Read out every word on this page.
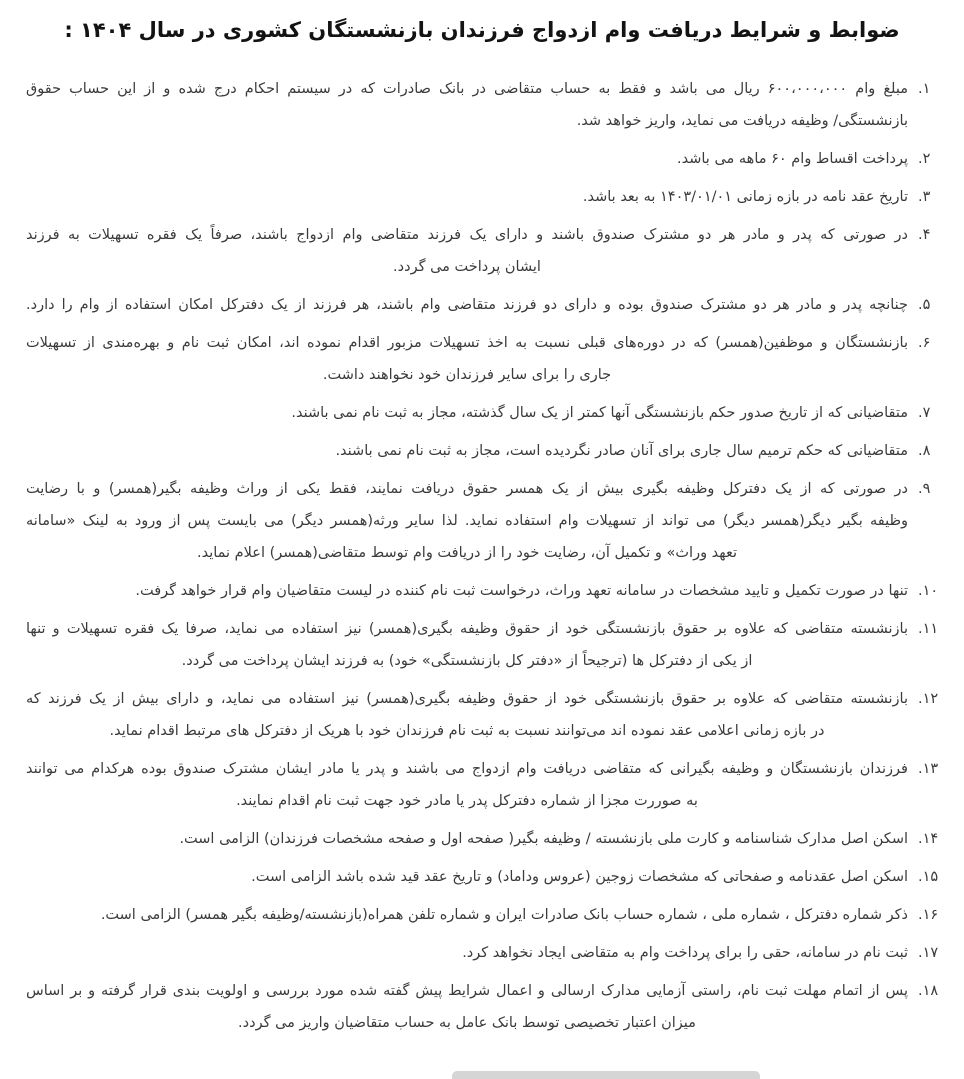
ضوابط و شرایط دریافت وام ازدواج فرزندان بازنشستگان کشوری در سال ۱۴۰۴ :
۱.
مبلغ وام ۶۰۰،۰۰۰،۰۰۰ ریال می باشد و فقط به حساب متقاضی در بانک صادرات که در سیستم احکام درج شده و از این حساب حقوق
بازنشستگی/ وظیفه دریافت می نماید، واریز خواهد شد.
۲.
پرداخت اقساط وام ۶۰ ماهه می باشد.
۳.
تاریخ عقد نامه در بازه زمانی ۱۴۰۳/۰۱/۰۱ به بعد باشد.
۴.
در صورتی که پدر و مادر هر دو مشترک صندوق باشند و دارای یک فرزند متقاضی وام ازدواج باشند، صرفاً یک فقره تسهیلات به فرزند
ایشان پرداخت می گردد.
۵.
چنانچه پدر و مادر هر دو مشترک صندوق بوده و دارای دو فرزند متقاضی وام باشند، هر فرزند از یک دفترکل امکان استفاده از وام را دارد.
۶.
بازنشستگان و موظفین(همسر) که در دوره‌های قبلی نسبت به اخذ تسهیلات مزبور اقدام نموده اند، امکان ثبت نام و بهره‌مندی از تسهیلات
جاری را برای سایر فرزندان خود نخواهند داشت.
۷.
متقاضیانی که از تاریخ صدور حکم بازنشستگی آنها کمتر از یک سال گذشته، مجاز به ثبت نام نمی باشند.
۸.
متقاضیانی که حکم ترمیم سال جاری برای آنان صادر نگردیده است، مجاز به ثبت نام نمی باشند.
۹.
در صورتی که از یک دفترکل وظیفه بگیری بیش از یک همسر حقوق دریافت نمایند، فقط یکی از وراث وظیفه بگیر(همسر) و با رضایت
وظیفه بگیر دیگر(همسر دیگر) می تواند از تسهیلات وام استفاده نماید. لذا سایر ورثه(همسر دیگر) می بایست پس از ورود به لینک «سامانه
تعهد وراث» و تکمیل آن، رضایت خود را از دریافت وام توسط متقاضی(همسر) اعلام نماید.
۱۰.
تنها در صورت تکمیل و تایید مشخصات در سامانه تعهد وراث، درخواست ثبت نام کننده در لیست متقاضیان وام قرار خواهد گرفت.
۱۱.
بازنشسته متقاضی که علاوه بر حقوق بازنشستگی خود از حقوق وظیفه بگیری(همسر) نیز استفاده می نماید، صرفا یک فقره تسهیلات و تنها
از یکی از دفترکل ها (ترجیحاً از «دفتر کل بازنشستگی» خود) به فرزند ایشان پرداخت می گردد.
۱۲.
بازنشسته متقاضی که علاوه بر حقوق بازنشستگی خود از حقوق وظیفه بگیری(همسر) نیز استفاده می نماید، و دارای بیش از یک فرزند که
در بازه زمانی اعلامی عقد نموده اند می‌توانند نسبت به ثبت نام فرزندان خود با هریک از دفترکل های مرتبط اقدام نماید.
۱۳.
فرزندان بازنشستگان و وظیفه بگیرانی که متقاضی دریافت وام ازدواج می باشند و پدر یا مادر ایشان مشترک صندوق بوده هرکدام می توانند
به صوررت مجزا از شماره دفترکل پدر یا مادر خود جهت ثبت نام اقدام نمایند.
۱۴.
اسکن اصل مدارک شناسنامه و کارت ملی بازنشسته / وظیفه بگیر( صفحه اول و صفحه مشخصات فرزندان) الزامی است.
۱۵.
اسکن اصل عقدنامه و صفحاتی که مشخصات زوجین (عروس وداماد) و تاریخ عقد قید شده باشد الزامی است.
۱۶.
ذکر شماره دفترکل ، شماره ملی ، شماره حساب بانک صادرات ایران و شماره تلفن همراه(بازنشسته/وظیفه بگیر همسر) الزامی است.
۱۷.
ثبت نام در سامانه، حقی را برای پرداخت وام به متقاضی ایجاد نخواهد کرد.
۱۸.
پس از اتمام مهلت ثبت نام، راستی آزمایی مدارک ارسالی و اعمال شرایط پیش گفته شده مورد بررسی و اولویت بندی قرار گرفته و بر اساس
میزان اعتبار تخصیصی توسط بانک عامل به حساب متقاضیان واریز می گردد.
